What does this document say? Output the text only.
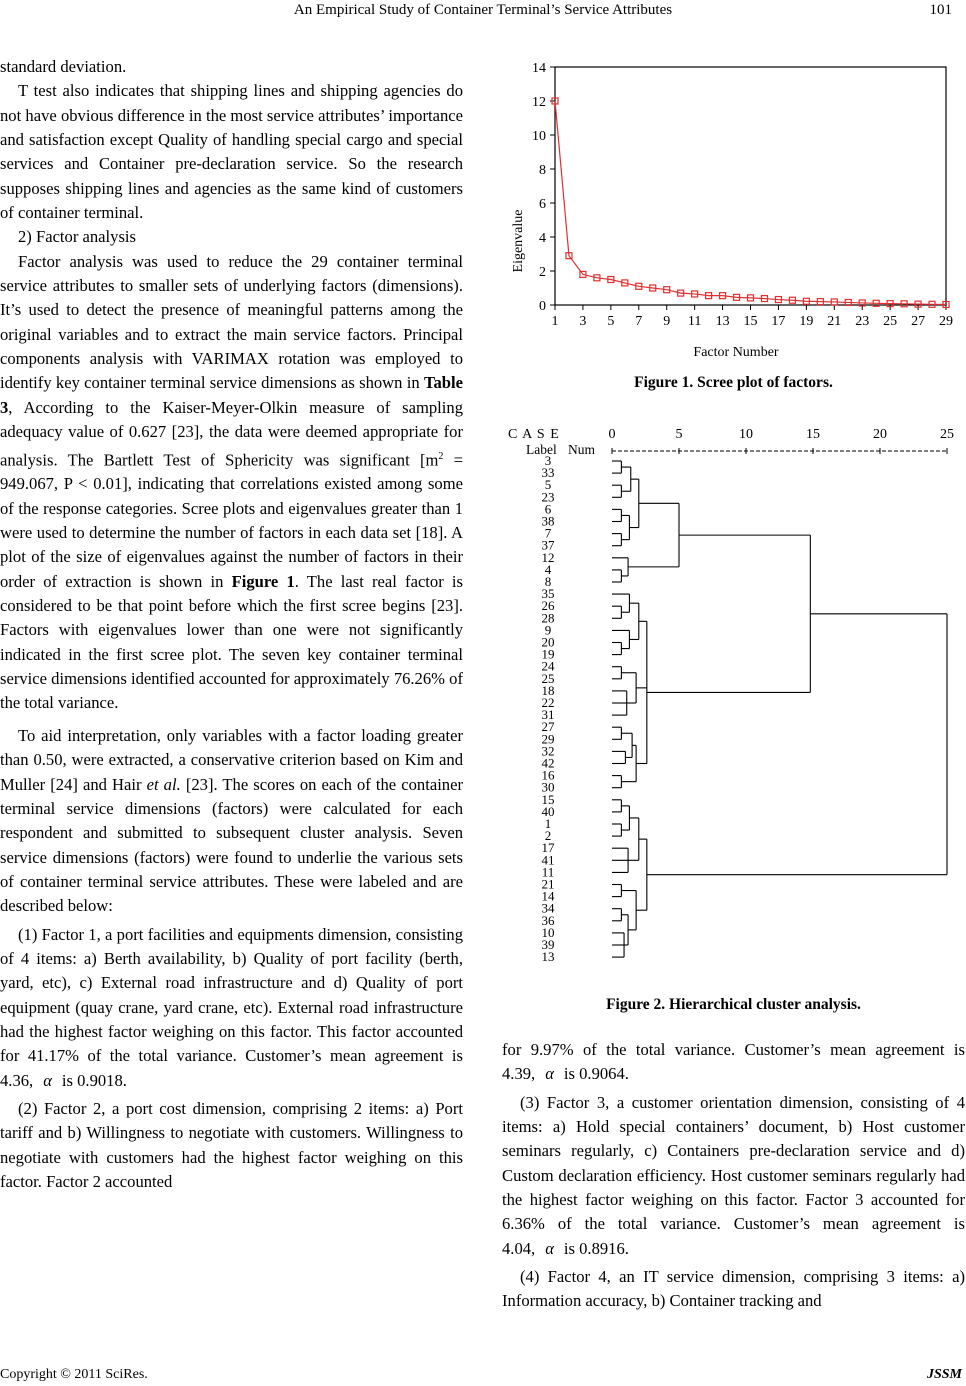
An Empirical Study of Container Terminal’s Service Attributes	101

standard deviation.

T test also indicates that shipping lines and shipping agencies do not have obvious difference in the most service attributes’ importance and satisfaction except Quality of handling special cargo and special services and Container pre-declaration service. So the research supposes shipping lines and agencies as the same kind of customers of container terminal.

2) Factor analysis

Factor analysis was used to reduce the 29 container terminal service attributes to smaller sets of underlying factors (dimensions). It’s used to detect the presence of meaningful patterns among the original variables and to extract the main service factors. Principal components analysis with VARIMAX rotation was employed to identify key container terminal service dimensions as shown in Table 3, According to the Kaiser-Meyer-Olkin measure of sampling adequacy value of 0.627 [23], the data were deemed appropriate for analysis. The Bartlett Test of Sphericity was significant [$m^2 = 949.067$, P < 0.01], indicating that correlations existed among some of the response categories. Scree plots and eigenvalues greater than 1 were used to determine the number of factors in each data set [18]. A plot of the size of eigenvalues against the number of factors in their order of extraction is shown in Figure 1. The last real factor is considered to be that point before which the first scree begins [23]. Factors with eigenvalues lower than one were not significantly indicated in the first scree plot. The seven key container terminal service dimensions identified accounted for approximately 76.26% of the total variance.

To aid interpretation, only variables with a factor loading greater than 0.50, were extracted, a conservative criterion based on Kim and Muller [24] and Hair et al. [23]. The scores on each of the container terminal service dimensions (factors) were calculated for each respondent and submitted to subsequent cluster analysis. Seven service dimensions (factors) were found to underlie the various sets of container terminal service attributes. These were labeled and are described below:

(1) Factor 1, a port facilities and equipments dimension, consisting of 4 items: a) Berth availability, b) Quality of port facility (berth, yard, etc), c) External road infrastructure and d) Quality of port equipment (quay crane, yard crane, etc). External road infrastructure had the highest factor weighing on this factor. This factor accounted for 41.17% of the total variance. Customer’s mean agreement is 4.36, α is 0.9018.

(2) Factor 2, a port cost dimension, comprising 2 items: a) Port tariff and b) Willingness to negotiate with customers. Willingness to negotiate with customers had the highest factor weighing on this factor. Factor 2 accounted

0
2
4
6
8
10
12
14
1 3 5 7 9 11 13 15 17 19 21 23 25 27 29
Eigenvalue
Factor Number
Figure 1. Scree plot of factors.
C A S E
Label Num
0	5	10	15	20	25
3
33
5
23
6
38
7
37
12
4
8
35
26
28
9
20
19
24
25
18
22
31
27
29
32
42
16
30
15
40
1
2
17
41
11
21
14
34
36
10
39
13
Figure 2. Hierarchical cluster analysis.

for 9.97% of the total variance. Customer’s mean agreement is 4.39, α is 0.9064.

(3) Factor 3, a customer orientation dimension, consisting of 4 items: a) Hold special containers’ document, b) Host customer seminars regularly, c) Containers pre-declaration service and d) Custom declaration efficiency. Host customer seminars regularly had the highest factor weighing on this factor. Factor 3 accounted for 6.36% of the total variance. Customer’s mean agreement is 4.04, α is 0.8916.

(4) Factor 4, an IT service dimension, comprising 3 items: a) Information accuracy, b) Container tracking and

Copyright © 2011 SciRes.	JSSM
